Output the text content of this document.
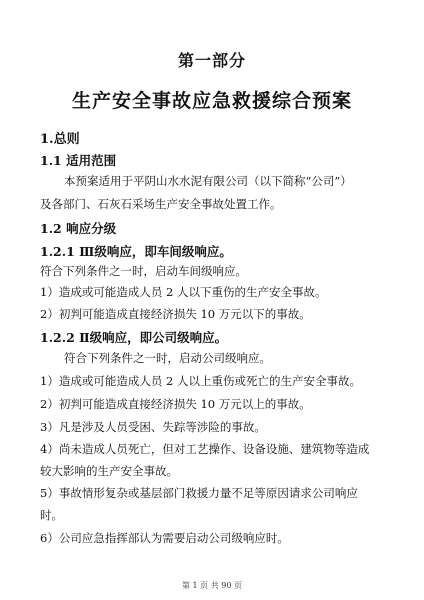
第一部分
生产安全事故应急救援综合预案
1.总则
1.1 适用范围
本预案适用于平阴山水水泥有限公司（以下简称“公司”）
及各部门、石灰石采场生产安全事故处置工作。
1.2 响应分级
1.2.1 Ⅲ级响应，即车间级响应。
符合下列条件之一时，启动车间级响应。
1）造成或可能造成人员 2 人以下重伤的生产安全事故。
2）初判可能造成直接经济损失 10 万元以下的事故。
1.2.2 Ⅱ级响应，即公司级响应。
符合下列条件之一时，启动公司级响应。
1）造成或可能造成人员 2 人以上重伤或死亡的生产安全事故。
2）初判可能造成直接经济损失 10 万元以上的事故。
3）凡是涉及人员受困、失踪等涉险的事故。
4）尚未造成人员死亡，但对工艺操作、设备设施、建筑物等造成
较大影响的生产安全事故。
5）事故情形复杂或基层部门救援力量不足等原因请求公司响应
时。
6）公司应急指挥部认为需要启动公司级响应时。
第 1 页 共 90 页
